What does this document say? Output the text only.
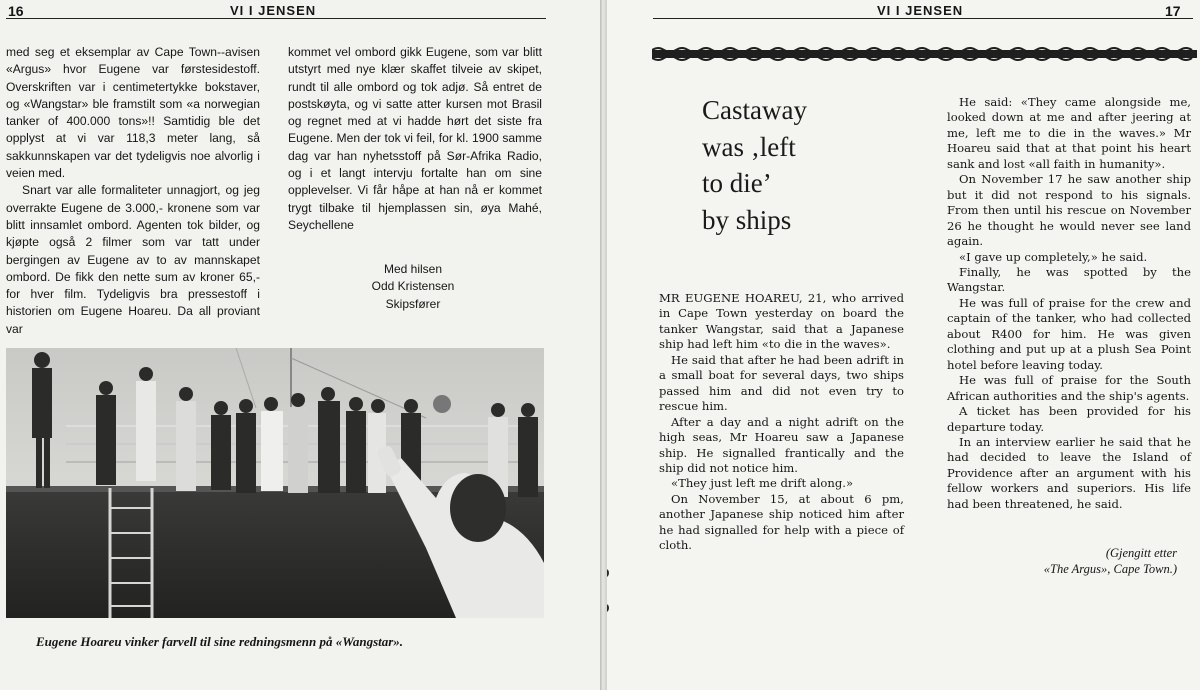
16	VI I JENSEN

med seg et eksemplar av Cape Town--avisen «Argus» hvor Eugene var førstesidestoff. Overskriften var i centimetertykke bokstaver, og «Wangstar» ble framstilt som «a norwegian tanker of 400.000 tons»!! Samtidig ble det opplyst at vi var 118,3 meter lang, så sakkunnskapen var det tydeligvis noe alvorlig i veien med.

Snart var alle formaliteter unnagjort, og jeg overrakte Eugene de 3.000,- kronene som var blitt innsamlet ombord. Agenten tok bilder, og kjøpte også 2 filmer som var tatt under bergingen av Eugene av to av mannskapet ombord. De fikk den nette sum av kroner 65,- for hver film. Tydeligvis bra pressestoff i historien om Eugene Hoareu. Da all proviant var

kommet vel ombord gikk Eugene, som var blitt utstyrt med nye klær skaffet tilveie av skipet, rundt til alle ombord og tok adjø. Så entret de postskøyta, og vi satte atter kursen mot Brasil og regnet med at vi hadde hørt det siste fra Eugene. Men der tok vi feil, for kl. 1900 samme dag var han nyhetsstoff på Sør-Afrika Radio, og i et langt intervju fortalte han om sine opplevelser. Vi får håpe at han nå er kommet trygt tilbake til hjemplassen sin, øya Mahé, Seychellene

Med hilsen
Odd Kristensen
Skipsfører
Eugene Hoareu vinker farvell til sine redningsmenn på «Wangstar».
VI I JENSEN	17
Castaway
was ‚left
to die’
by ships

MR EUGENE HOAREU, 21, who arrived in Cape Town yesterday on board the tanker Wangstar, said that a Japanese ship had left him «to die in the waves».

He said that after he had been adrift in a small boat for several days, two ships passed him and did not even try to rescue him.

After a day and a night adrift on the high seas, Mr Hoareu saw a Japanese ship. He signalled frantically and the ship did not notice him.

«They just left me drift along.»

On November 15, at about 6 pm, another Japanese ship noticed him after he had signalled for help with a piece of cloth.

He said: «They came alongside me, looked down at me and after jeering at me, left me to die in the waves.» Mr Hoareu said that at that point his heart sank and lost «all faith in humanity».

On November 17 he saw another ship but it did not respond to his signals. From then until his rescue on November 26 he thought he would never see land again.

«I gave up completely,» he said.

Finally, he was spotted by the Wangstar.

He was full of praise for the crew and captain of the tanker, who had collected about R400 for him. He was given clothing and put up at a plush Sea Point hotel before leaving today.

He was full of praise for the South African authorities and the ship's agents.

A ticket has been provided for his departure today.

In an interview earlier he said that he had decided to leave the Island of Providence after an argument with his fellow workers and superiors. His life had been threatened, he said.

(Gjengitt etter
«The Argus», Cape Town.)
